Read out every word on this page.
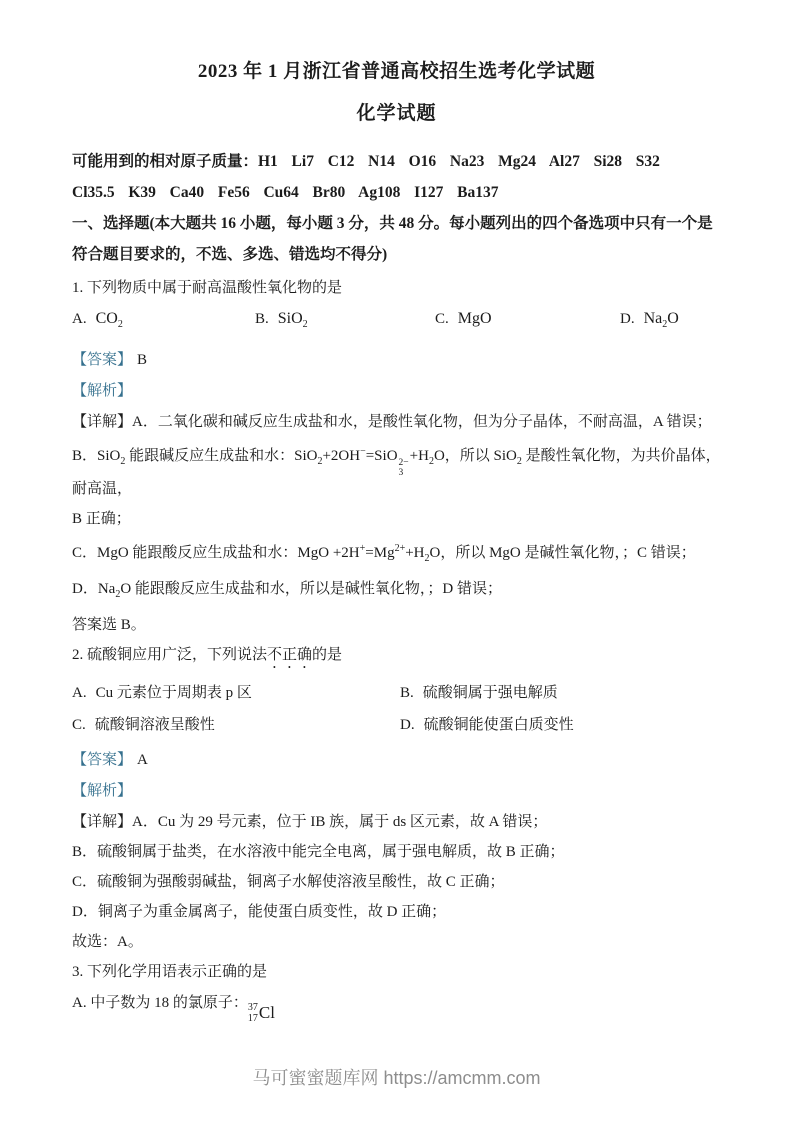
2023 年 1 月浙江省普通高校招生选考化学试题
化学试题

可能用到的相对原子质量：H1  Li7  C12  N14  O16  Na23  Mg24  Al27  Si28  S32

Cl35.5  K39  Ca40  Fe56  Cu64  Br80  Ag108  I127  Ba137

一、选择题(本大题共 16 小题，每小题 3 分，共 48 分。每小题列出的四个备选项中只有一个是符合题目要求的，不选、多选、错选均不得分)

1. 下列物质中属于耐高温酸性氧化物的是

A. $CO_2$	B. SiO$_2$	C. MgO	D. $Na_2O$

【答案】 B

【解析】

【详解】A．二氧化碳和碱反应生成盐和水，是酸性氧化物，但为分子晶体，不耐高温，A 错误；

B．SiO$_2$ 能跟碱反应生成盐和水：SiO$_2$+2OH−=SiO 2−
3
$+H_2O$，所以 SiO$_2$ 是酸性氧化物，为共价晶体，耐高温，

B 正确；

C．MgO 能跟酸反应生成盐和水：MgO $+2H^+=Mg^{2+}+H_2O$，所以 MgO 是碱性氧化物，；C 错误；

D．$Na_2O$ 能跟酸反应生成盐和水，所以是碱性氧化物，；D 错误；

答案选 B。

2. 硫酸铜应用广泛，下列说法不正确的是

A. Cu 元素位于周期表 p 区	B. 硫酸铜属于强电解质
C. 硫酸铜溶液呈酸性	D. 硫酸铜能使蛋白质变性

【答案】 A

【解析】

【详解】A．Cu 为 29 号元素，位于 IB 族，属于 ds 区元素，故 A 错误；

B．硫酸铜属于盐类，在水溶液中能完全电离，属于强电解质，故 B 正确；

C．硫酸铜为强酸弱碱盐，铜离子水解使溶液呈酸性，故 C 正确；

D．铜离子为重金属离子，能使蛋白质变性，故 D 正确；

故选：A。

3. 下列化学用语表示正确的是

A. 中子数为 18 的氯原子： 37
17 Cl

马可蜜蜜题库网 https://amcmm.com
